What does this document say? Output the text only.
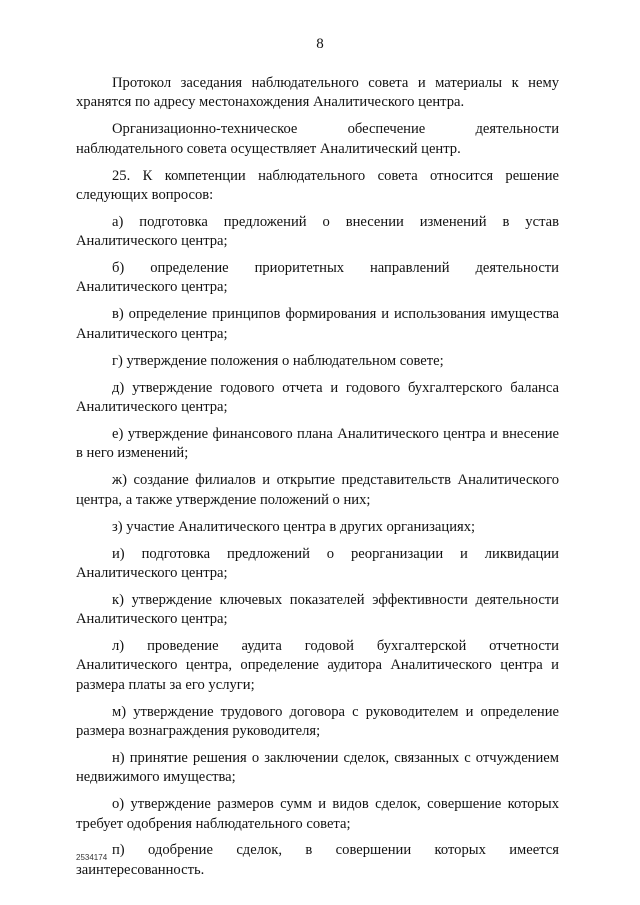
8

Протокол заседания наблюдательного совета и материалы к нему хранятся по адресу местонахождения Аналитического центра.

Организационно-техническое обеспечение деятельности наблюдательного совета осуществляет Аналитический центр.

25. К компетенции наблюдательного совета относится решение следующих вопросов:

а) подготовка предложений о внесении изменений в устав Аналитического центра;

б) определение приоритетных направлений деятельности Аналитического центра;

в) определение принципов формирования и использования имущества Аналитического центра;

г) утверждение положения о наблюдательном совете;

д) утверждение годового отчета и годового бухгалтерского баланса Аналитического центра;

е) утверждение финансового плана Аналитического центра и внесение в него изменений;

ж) создание филиалов и открытие представительств Аналитического центра, а также утверждение положений о них;

з) участие Аналитического центра в других организациях;

и) подготовка предложений о реорганизации и ликвидации Аналитического центра;

к) утверждение ключевых показателей эффективности деятельности Аналитического центра;

л) проведение аудита годовой бухгалтерской отчетности Аналитического центра, определение аудитора Аналитического центра и размера платы за его услуги;

м) утверждение трудового договора с руководителем и определение размера вознаграждения руководителя;

н) принятие решения о заключении сделок, связанных с отчуждением недвижимого имущества;

о) утверждение размеров сумм и видов сделок, совершение которых требует одобрения наблюдательного совета;

п) одобрение сделок, в совершении которых имеется заинтересованность.

2534174
